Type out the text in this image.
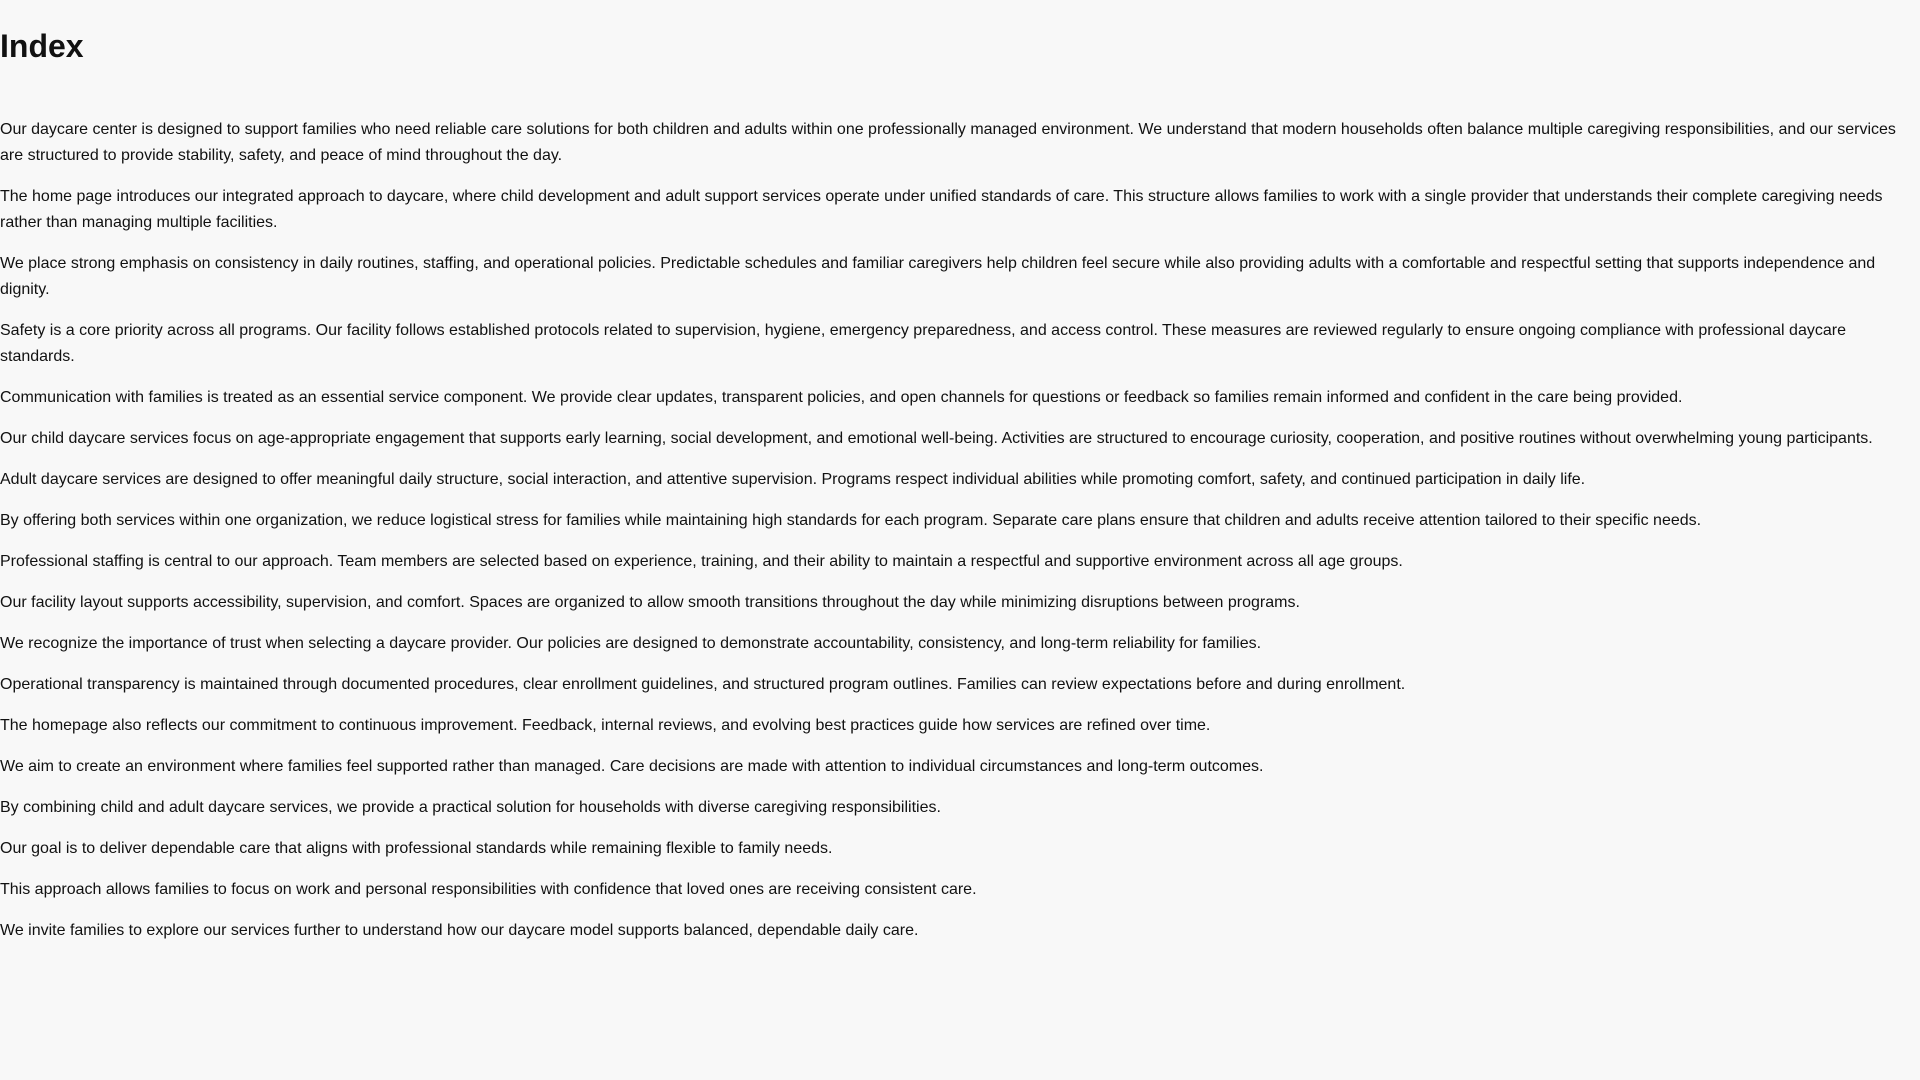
Index

Our daycare center is designed to support families who need reliable care solutions for both children and adults within one professionally managed environment. We understand that modern households often balance multiple caregiving responsibilities, and our services are structured to provide stability, safety, and peace of mind throughout the day.

The home page introduces our integrated approach to daycare, where child development and adult support services operate under unified standards of care. This structure allows families to work with a single provider that understands their complete caregiving needs rather than managing multiple facilities.

We place strong emphasis on consistency in daily routines, staffing, and operational policies. Predictable schedules and familiar caregivers help children feel secure while also providing adults with a comfortable and respectful setting that supports independence and dignity.

Safety is a core priority across all programs. Our facility follows established protocols related to supervision, hygiene, emergency preparedness, and access control. These measures are reviewed regularly to ensure ongoing compliance with professional daycare standards.

Communication with families is treated as an essential service component. We provide clear updates, transparent policies, and open channels for questions or feedback so families remain informed and confident in the care being provided.

Our child daycare services focus on age-appropriate engagement that supports early learning, social development, and emotional well-being. Activities are structured to encourage curiosity, cooperation, and positive routines without overwhelming young participants.

Adult daycare services are designed to offer meaningful daily structure, social interaction, and attentive supervision. Programs respect individual abilities while promoting comfort, safety, and continued participation in daily life.

By offering both services within one organization, we reduce logistical stress for families while maintaining high standards for each program. Separate care plans ensure that children and adults receive attention tailored to their specific needs.

Professional staffing is central to our approach. Team members are selected based on experience, training, and their ability to maintain a respectful and supportive environment across all age groups.

Our facility layout supports accessibility, supervision, and comfort. Spaces are organized to allow smooth transitions throughout the day while minimizing disruptions between programs.

We recognize the importance of trust when selecting a daycare provider. Our policies are designed to demonstrate accountability, consistency, and long-term reliability for families.

Operational transparency is maintained through documented procedures, clear enrollment guidelines, and structured program outlines. Families can review expectations before and during enrollment.

The homepage also reflects our commitment to continuous improvement. Feedback, internal reviews, and evolving best practices guide how services are refined over time.

We aim to create an environment where families feel supported rather than managed. Care decisions are made with attention to individual circumstances and long-term outcomes.

By combining child and adult daycare services, we provide a practical solution for households with diverse caregiving responsibilities.

Our goal is to deliver dependable care that aligns with professional standards while remaining flexible to family needs.

This approach allows families to focus on work and personal responsibilities with confidence that loved ones are receiving consistent care.

We invite families to explore our services further to understand how our daycare model supports balanced, dependable daily care.
